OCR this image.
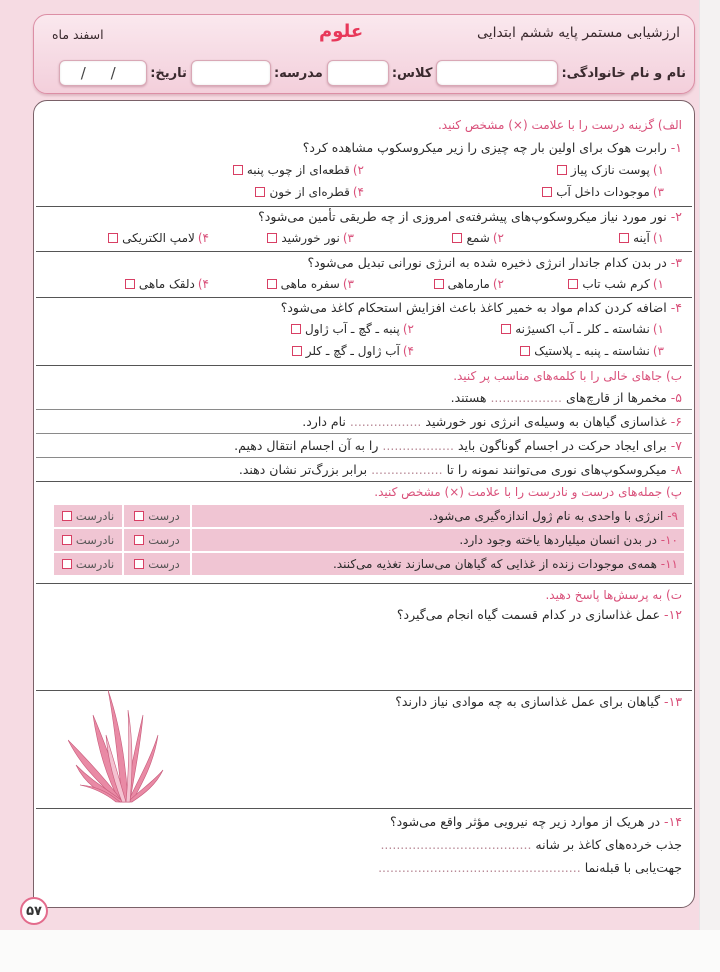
ارزشیابی مستمر پایه ششم ابتدایی
علوم
اسفند ماه
نام و نام خانوادگی:
کلاس:
مدرسه:
تاریخ:
/ /
الف) گزینه درست را با علامت (×) مشخص کنید.
۱- رابرت هوک برای اولین بار چه چیزی را زیر میکروسکوپ مشاهده کرد؟
۱)
پوست نازک پیاز
۲)
قطعه‌ای از چوب پنبه
۳)
موجودات داخل آب
۴)
قطره‌ای از خون
۲- نور مورد نیاز میکروسکوپ‌های پیشرفته‌ی امروزی از چه طریقی تأمین می‌شود؟
۱)
آینه
۲)
شمع
۳)
نور خورشید
۴)
لامپ الکتریکی
۳- در بدن کدام جاندار انرژی ذخیره شده به انرژی نورانی تبدیل می‌شود؟
۱)
کرم شب تاب
۲)
مارماهی
۳)
سفره ماهی
۴)
دلقک ماهی
۴- اضافه کردن کدام مواد به خمیر کاغذ باعث افزایش استحکام کاغذ می‌شود؟
۱)
نشاسته ـ کلر ـ آب اکسیژنه
۲)
پنبه ـ گچ ـ آب ژاول
۳)
نشاسته ـ پنبه ـ پلاستیک
۴)
آب ژاول ـ گچ ـ کلر
ب) جاهای خالی را با کلمه‌های مناسب پر کنید.
۵- مخمرها از قارچ‌های .................. هستند.
۶- غذاسازی گیاهان به وسیله‌ی انرژی نور خورشید .................. نام دارد.
۷- برای ایجاد حرکت در اجسام گوناگون باید .................. را به آن اجسام انتقال دهیم.
۸- میکروسکوپ‌های نوری می‌توانند نمونه را تا .................. برابر بزرگ‌تر نشان دهند.
پ) جمله‌های درست و نادرست را با علامت (×) مشخص کنید.
۹-

انرژی با واحدی به نام ژول اندازه‌گیری می‌شود.
درست
نادرست
۱۰-

در بدن انسان میلیاردها یاخته وجود دارد.
درست
نادرست
۱۱-

همه‌ی موجودات زنده از غذایی که گیاهان می‌سازند تغذیه می‌کنند.
درست
نادرست
ت) به پرسش‌ها پاسخ دهید.
۱۲- عمل غذاسازی در کدام قسمت گیاه انجام می‌گیرد؟
۱۳- گیاهان برای عمل غذاسازی به چه موادی نیاز دارند؟
۱۴- در هریک از موارد زیر چه نیرویی مؤثر واقع می‌شود؟
جذب خرده‌های کاغذ بر شانه ......................................
جهت‌یابی با قبله‌نما ...................................................
۵۷
